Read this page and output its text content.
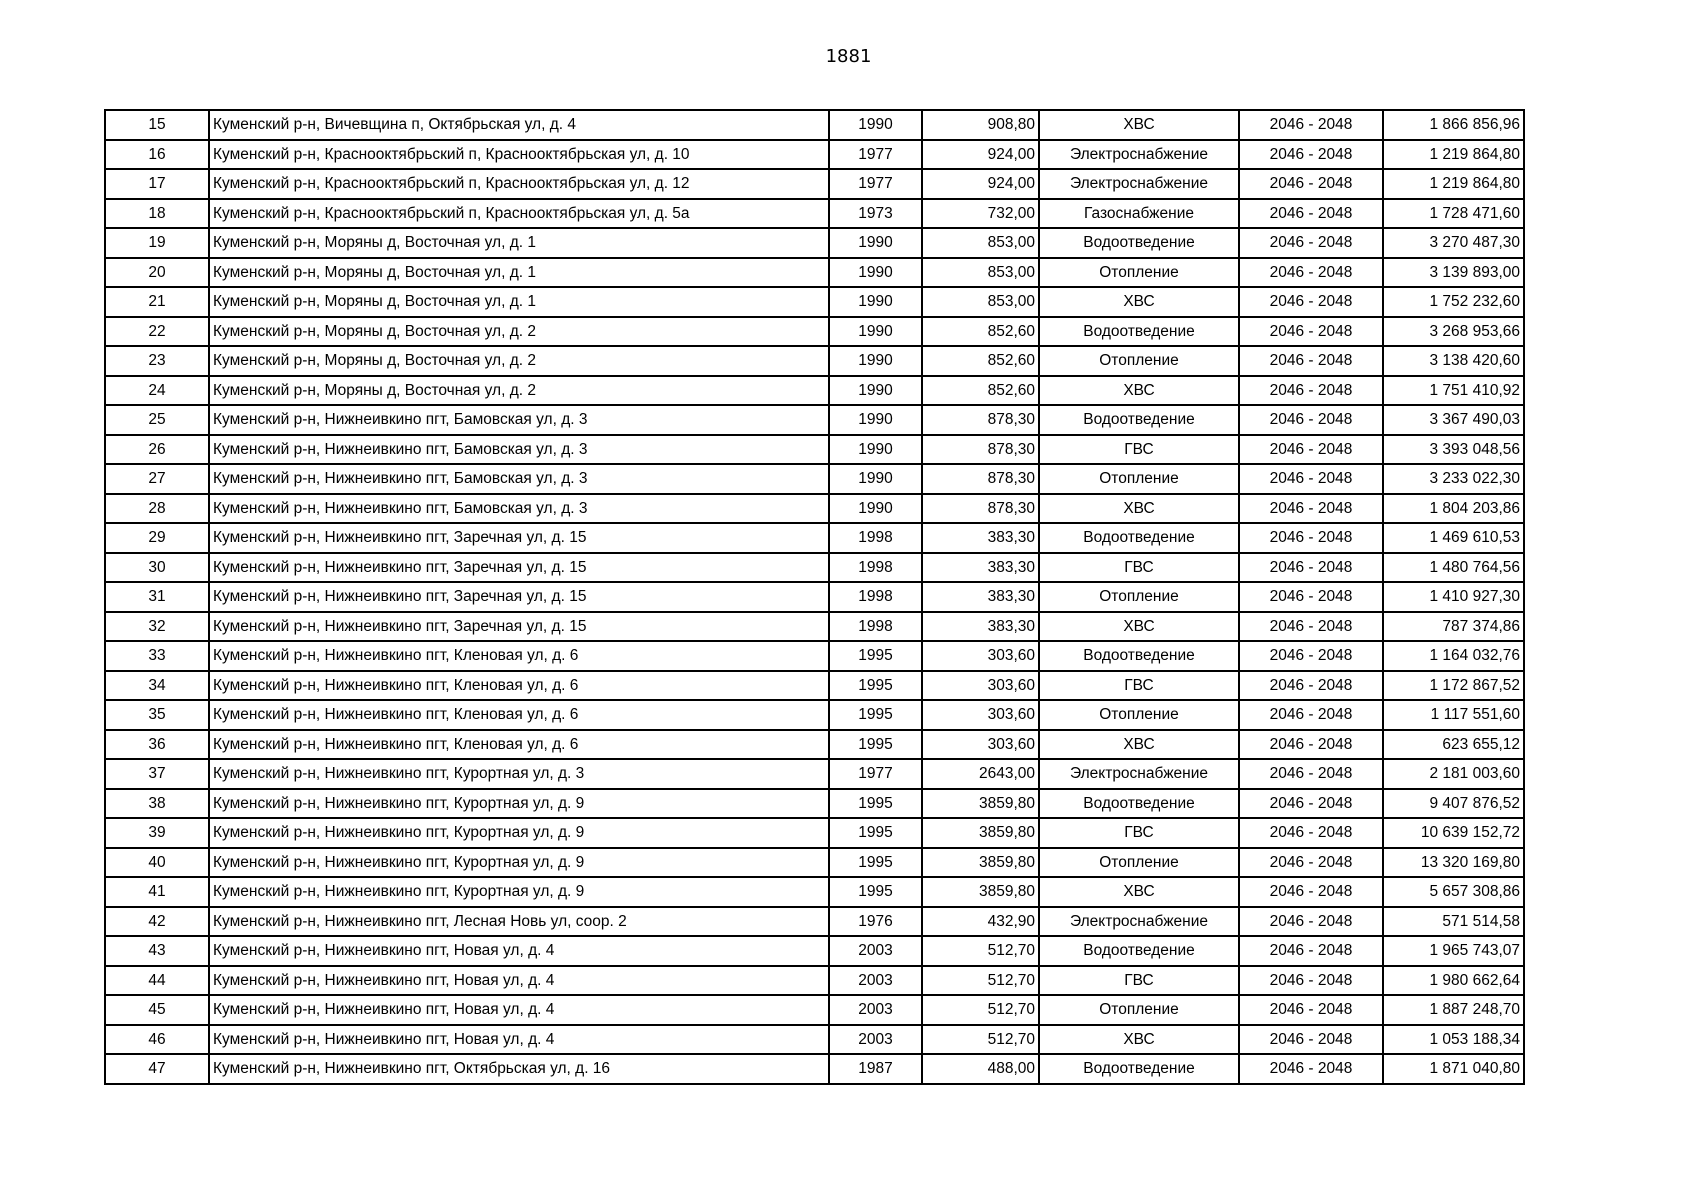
1881
15	Куменский р-н, Вичевщина п, Октябрьская ул, д. 4	1990	908,80	ХВС	2046 - 2048	1 866 856,96
16	Куменский р-н, Краснооктябрьский п, Краснооктябрьская ул, д. 10	1977	924,00	Электроснабжение	2046 - 2048	1 219 864,80
17	Куменский р-н, Краснооктябрьский п, Краснооктябрьская ул, д. 12	1977	924,00	Электроснабжение	2046 - 2048	1 219 864,80
18	Куменский р-н, Краснооктябрьский п, Краснооктябрьская ул, д. 5а	1973	732,00	Газоснабжение	2046 - 2048	1 728 471,60
19	Куменский р-н, Моряны д, Восточная ул, д. 1	1990	853,00	Водоотведение	2046 - 2048	3 270 487,30
20	Куменский р-н, Моряны д, Восточная ул, д. 1	1990	853,00	Отопление	2046 - 2048	3 139 893,00
21	Куменский р-н, Моряны д, Восточная ул, д. 1	1990	853,00	ХВС	2046 - 2048	1 752 232,60
22	Куменский р-н, Моряны д, Восточная ул, д. 2	1990	852,60	Водоотведение	2046 - 2048	3 268 953,66
23	Куменский р-н, Моряны д, Восточная ул, д. 2	1990	852,60	Отопление	2046 - 2048	3 138 420,60
24	Куменский р-н, Моряны д, Восточная ул, д. 2	1990	852,60	ХВС	2046 - 2048	1 751 410,92
25	Куменский р-н, Нижнеивкино пгт, Бамовская ул, д. 3	1990	878,30	Водоотведение	2046 - 2048	3 367 490,03
26	Куменский р-н, Нижнеивкино пгт, Бамовская ул, д. 3	1990	878,30	ГВС	2046 - 2048	3 393 048,56
27	Куменский р-н, Нижнеивкино пгт, Бамовская ул, д. 3	1990	878,30	Отопление	2046 - 2048	3 233 022,30
28	Куменский р-н, Нижнеивкино пгт, Бамовская ул, д. 3	1990	878,30	ХВС	2046 - 2048	1 804 203,86
29	Куменский р-н, Нижнеивкино пгт, Заречная ул, д. 15	1998	383,30	Водоотведение	2046 - 2048	1 469 610,53
30	Куменский р-н, Нижнеивкино пгт, Заречная ул, д. 15	1998	383,30	ГВС	2046 - 2048	1 480 764,56
31	Куменский р-н, Нижнеивкино пгт, Заречная ул, д. 15	1998	383,30	Отопление	2046 - 2048	1 410 927,30
32	Куменский р-н, Нижнеивкино пгт, Заречная ул, д. 15	1998	383,30	ХВС	2046 - 2048	787 374,86
33	Куменский р-н, Нижнеивкино пгт, Кленовая ул, д. 6	1995	303,60	Водоотведение	2046 - 2048	1 164 032,76
34	Куменский р-н, Нижнеивкино пгт, Кленовая ул, д. 6	1995	303,60	ГВС	2046 - 2048	1 172 867,52
35	Куменский р-н, Нижнеивкино пгт, Кленовая ул, д. 6	1995	303,60	Отопление	2046 - 2048	1 117 551,60
36	Куменский р-н, Нижнеивкино пгт, Кленовая ул, д. 6	1995	303,60	ХВС	2046 - 2048	623 655,12
37	Куменский р-н, Нижнеивкино пгт, Курортная ул, д. 3	1977	2643,00	Электроснабжение	2046 - 2048	2 181 003,60
38	Куменский р-н, Нижнеивкино пгт, Курортная ул, д. 9	1995	3859,80	Водоотведение	2046 - 2048	9 407 876,52
39	Куменский р-н, Нижнеивкино пгт, Курортная ул, д. 9	1995	3859,80	ГВС	2046 - 2048	10 639 152,72
40	Куменский р-н, Нижнеивкино пгт, Курортная ул, д. 9	1995	3859,80	Отопление	2046 - 2048	13 320 169,80
41	Куменский р-н, Нижнеивкино пгт, Курортная ул, д. 9	1995	3859,80	ХВС	2046 - 2048	5 657 308,86
42	Куменский р-н, Нижнеивкино пгт, Лесная Новь ул, соор. 2	1976	432,90	Электроснабжение	2046 - 2048	571 514,58
43	Куменский р-н, Нижнеивкино пгт, Новая ул, д. 4	2003	512,70	Водоотведение	2046 - 2048	1 965 743,07
44	Куменский р-н, Нижнеивкино пгт, Новая ул, д. 4	2003	512,70	ГВС	2046 - 2048	1 980 662,64
45	Куменский р-н, Нижнеивкино пгт, Новая ул, д. 4	2003	512,70	Отопление	2046 - 2048	1 887 248,70
46	Куменский р-н, Нижнеивкино пгт, Новая ул, д. 4	2003	512,70	ХВС	2046 - 2048	1 053 188,34
47	Куменский р-н, Нижнеивкино пгт, Октябрьская ул, д. 16	1987	488,00	Водоотведение	2046 - 2048	1 871 040,80
